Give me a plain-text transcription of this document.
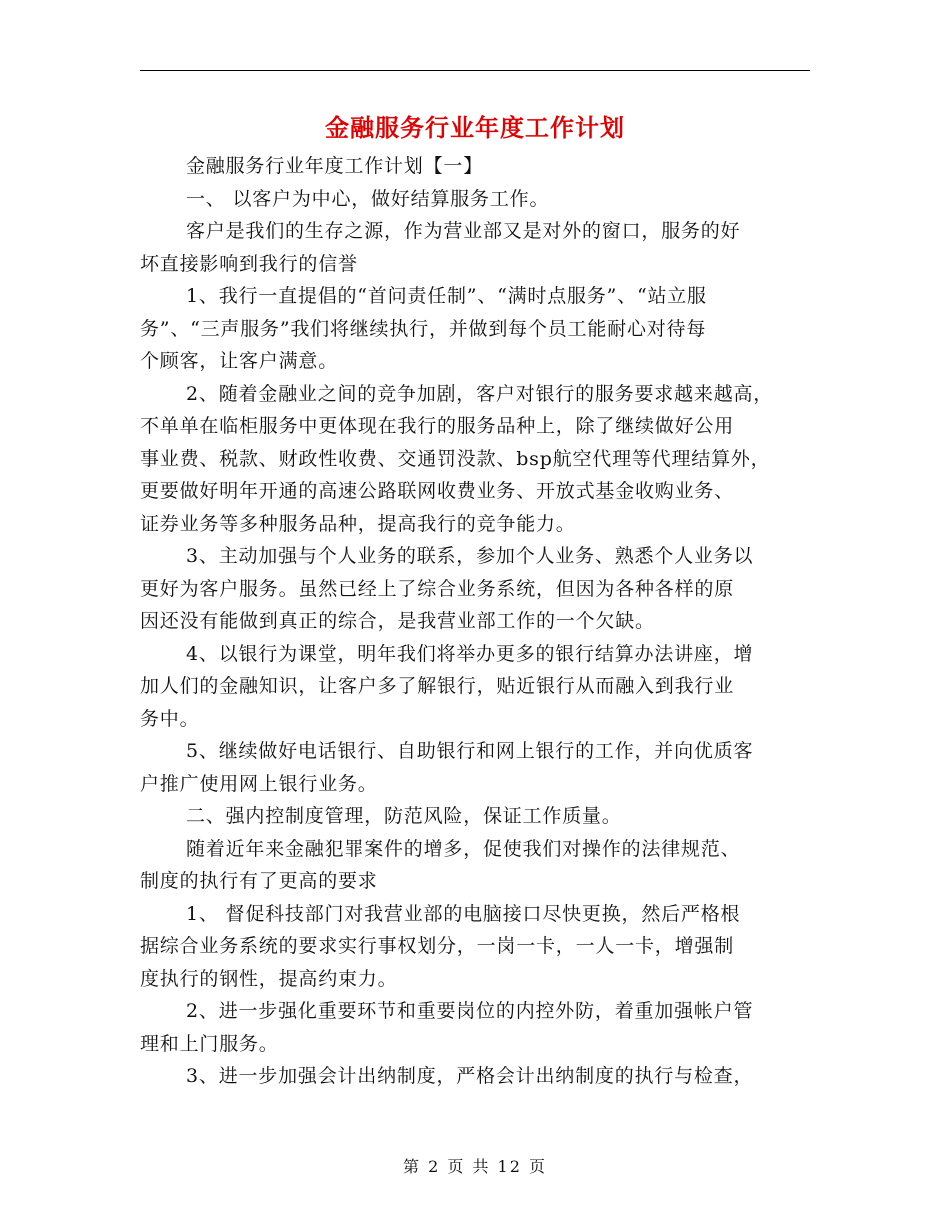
金融服务行业年度工作计划
金融服务行业年度工作计划【一】
一、 以客户为中心，做好结算服务工作。
客户是我们的生存之源，作为营业部又是对外的窗口，服务的好
坏直接影响到我行的信誉
1、我行一直提倡的“首问责任制”、“满时点服务”、“站立服
务”、“三声服务”我们将继续执行，并做到每个员工能耐心对待每
个顾客，让客户满意。
2、随着金融业之间的竞争加剧，客户对银行的服务要求越来越高，
不单单在临柜服务中更体现在我行的服务品种上，除了继续做好公用
事业费、税款、财政性收费、交通罚没款、bsp航空代理等代理结算外，
更要做好明年开通的高速公路联网收费业务、开放式基金收购业务、
证券业务等多种服务品种，提高我行的竞争能力。
3、主动加强与个人业务的联系，参加个人业务、熟悉个人业务以
更好为客户服务。虽然已经上了综合业务系统，但因为各种各样的原
因还没有能做到真正的综合，是我营业部工作的一个欠缺。
4、以银行为课堂，明年我们将举办更多的银行结算办法讲座，增
加人们的金融知识，让客户多了解银行，贴近银行从而融入到我行业
务中。
5、继续做好电话银行、自助银行和网上银行的工作，并向优质客
户推广使用网上银行业务。
二、强内控制度管理，防范风险，保证工作质量。
随着近年来金融犯罪案件的增多，促使我们对操作的法律规范、
制度的执行有了更高的要求
1、 督促科技部门对我营业部的电脑接口尽快更换，然后严格根
据综合业务系统的要求实行事权划分，一岗一卡，一人一卡，增强制
度执行的钢性，提高约束力。
2、进一步强化重要环节和重要岗位的内控外防，着重加强帐户管
理和上门服务。
3、进一步加强会计出纳制度，严格会计出纳制度的执行与检查，
第 2 页 共 12 页
